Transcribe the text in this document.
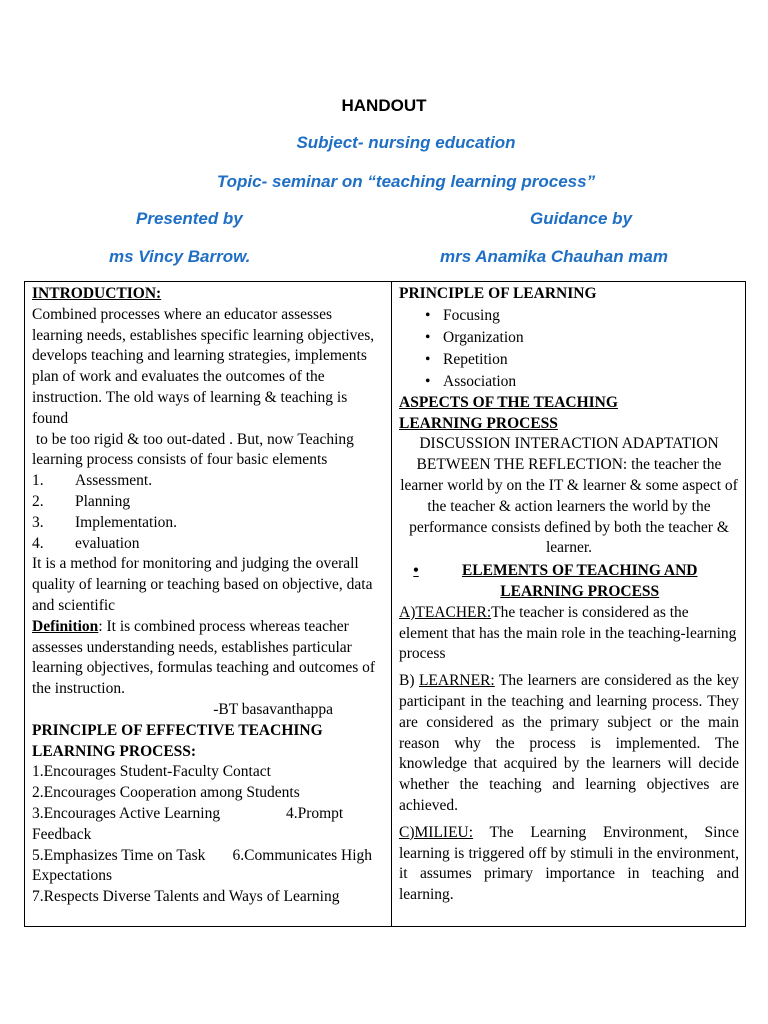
HANDOUT
Subject- nursing education
Topic- seminar on “teaching learning process”
Presented by	Guidance by
ms Vincy Barrow.	mrs Anamika Chauhan mam
INTRODUCTION:
Combined processes where an educator assesses learning needs, establishes specific learning objectives, develops teaching and learning strategies, implements plan of work and evaluates the outcomes of the instruction. The old ways of learning & teaching is found
to be too rigid & too out-dated . But, now Teaching learning process consists of four basic elements
1.	Assessment.
2.	Planning
3.	Implementation.
4.	evaluation
It is a method for monitoring and judging the overall quality of learning or teaching based on objective, data and scientific
Definition: It is combined process whereas teacher assesses understanding needs, establishes particular learning objectives, formulas teaching and outcomes of the instruction.
-BT basavanthappa
PRINCIPLE OF EFFECTIVE TEACHING LEARNING PROCESS:
1.Encourages Student-Faculty Contact
2.Encourages Cooperation among Students
3.Encourages Active Learning                 4.Prompt Feedback
5.Emphasizes Time on Task       6.Communicates High Expectations
7.Respects Diverse Talents and Ways of Learning
PRINCIPLE OF LEARNING
• Focusing
• Organization
• Repetition
• Association
ASPECTS OF THE TEACHING LEARNING PROCESS
DISCUSSION INTERACTION ADAPTATION BETWEEN THE REFLECTION: the teacher the learner world by on the IT & learner & some aspect of the teacher & action learners the world by the performance consists defined by both the teacher & learner.
•	ELEMENTS OF TEACHING AND LEARNING PROCESS
A)TEACHER:The teacher is considered as the element that has the main role in the teaching-learning process
B) LEARNER: The learners are considered as the key participant in the teaching and learning process. They are considered as the primary subject or the main reason why the process is implemented. The knowledge that acquired by the learners will decide whether the teaching and learning objectives are achieved.
C)MILIEU: The Learning Environment, Since learning is triggered off by stimuli in the environment, it assumes primary importance in teaching and learning.
